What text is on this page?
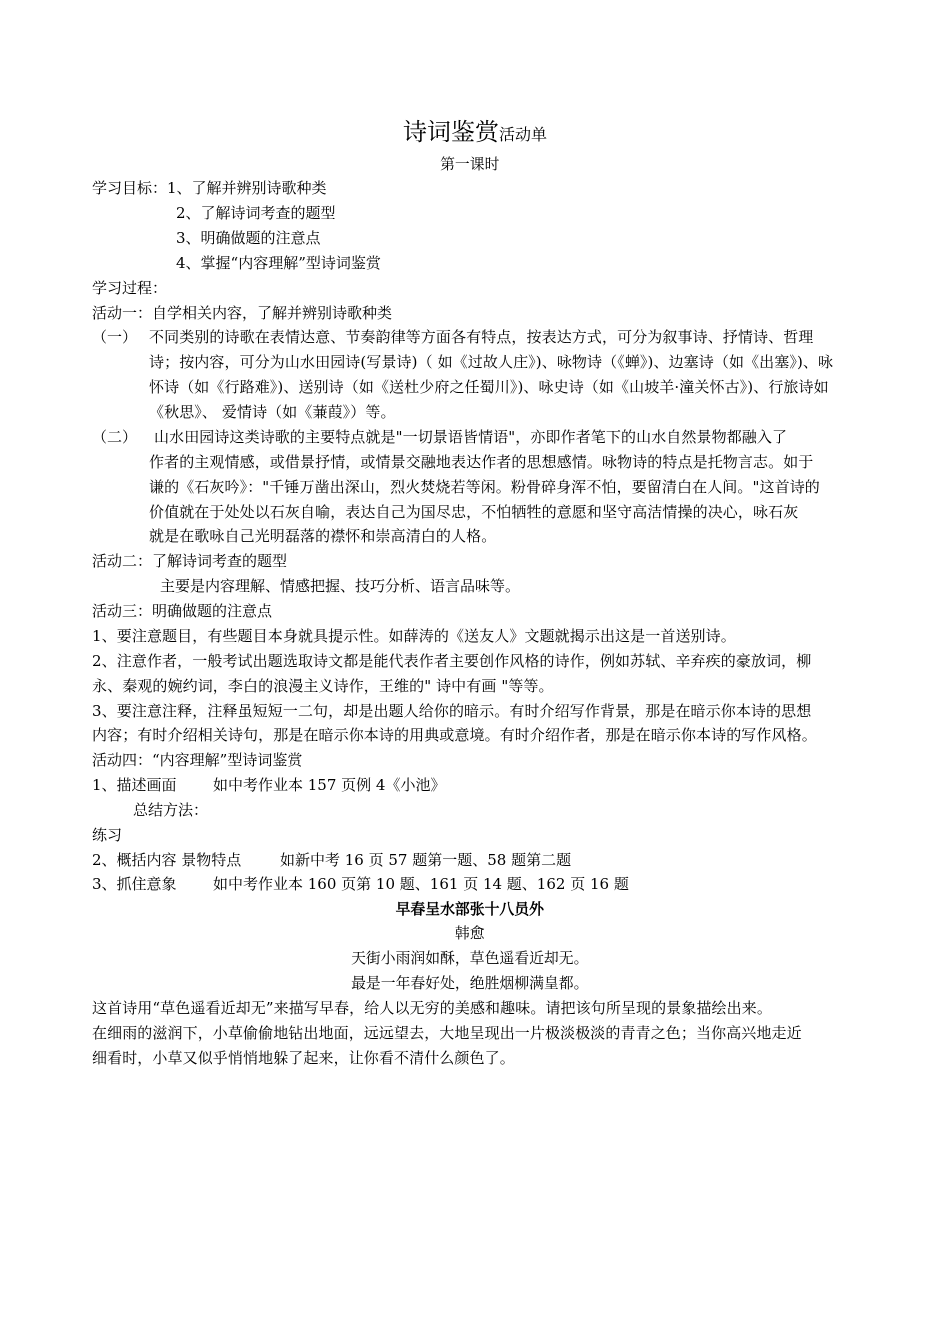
诗词鉴赏活动单
第一课时
学习目标：1、了解并辨别诗歌种类
2、了解诗词考查的题型
3、明确做题的注意点
4、掌握“内容理解”型诗词鉴赏
学习过程：
活动一：自学相关内容，了解并辨别诗歌种类
（一） 不同类别的诗歌在表情达意、节奏韵律等方面各有特点，按表达方式，可分为叙事诗、抒情诗、哲理
诗；按内容，可分为山水田园诗(写景诗)（ 如《过故人庄》)、咏物诗（《蝉》)、边塞诗（如《出塞》)、咏
怀诗（如《行路难》)、送别诗（如《送杜少府之任蜀川》)、咏史诗（如《山坡羊·潼关怀古》)、行旅诗如
《秋思》、 爱情诗（如《蒹葭》）等。
（二） 山水田园诗这类诗歌的主要特点就是"一切景语皆情语"，亦即作者笔下的山水自然景物都融入了
作者的主观情感，或借景抒情，或情景交融地表达作者的思想感情。咏物诗的特点是托物言志。如于
谦的《石灰吟》："千锤万凿出深山，烈火焚烧若等闲。粉骨碎身浑不怕，要留清白在人间。"这首诗的
价值就在于处处以石灰自喻，表达自己为国尽忠，不怕牺牲的意愿和坚守高洁情操的决心，咏石灰
就是在歌咏自己光明磊落的襟怀和崇高清白的人格。
活动二：了解诗词考查的题型
主要是内容理解、情感把握、技巧分析、语言品味等。
活动三：明确做题的注意点
1、要注意题目，有些题目本身就具提示性。如薛涛的《送友人》文题就揭示出这是一首送别诗。
2、注意作者，一般考试出题选取诗文都是能代表作者主要创作风格的诗作，例如苏轼、辛弃疾的豪放词，柳
永、秦观的婉约词，李白的浪漫主义诗作，王维的" 诗中有画 "等等。
3、要注意注释，注释虽短短一二句，却是出题人给你的暗示。有时介绍写作背景，那是在暗示你本诗的思想
内容；有时介绍相关诗句，那是在暗示你本诗的用典或意境。有时介绍作者，那是在暗示你本诗的写作风格。
活动四：“内容理解”型诗词鉴赏
1、描述画面 如中考作业本 157 页例 4《小池》
总结方法：
练习
2、概括内容 景物特点	如新中考 16 页 57 题第一题、58 题第二题
3、抓住意象 如中考作业本 160 页第 10 题、161 页 14 题、162 页 16 题
早春呈水部张十八员外
韩愈
天街小雨润如酥，草色遥看近却无。
最是一年春好处，绝胜烟柳满皇都。
这首诗用“草色遥看近却无”来描写早春，给人以无穷的美感和趣味。请把该句所呈现的景象描绘出来。
在细雨的滋润下，小草偷偷地钻出地面，远远望去，大地呈现出一片极淡极淡的青青之色；当你高兴地走近
细看时，小草又似乎悄悄地躲了起来，让你看不清什么颜色了。
